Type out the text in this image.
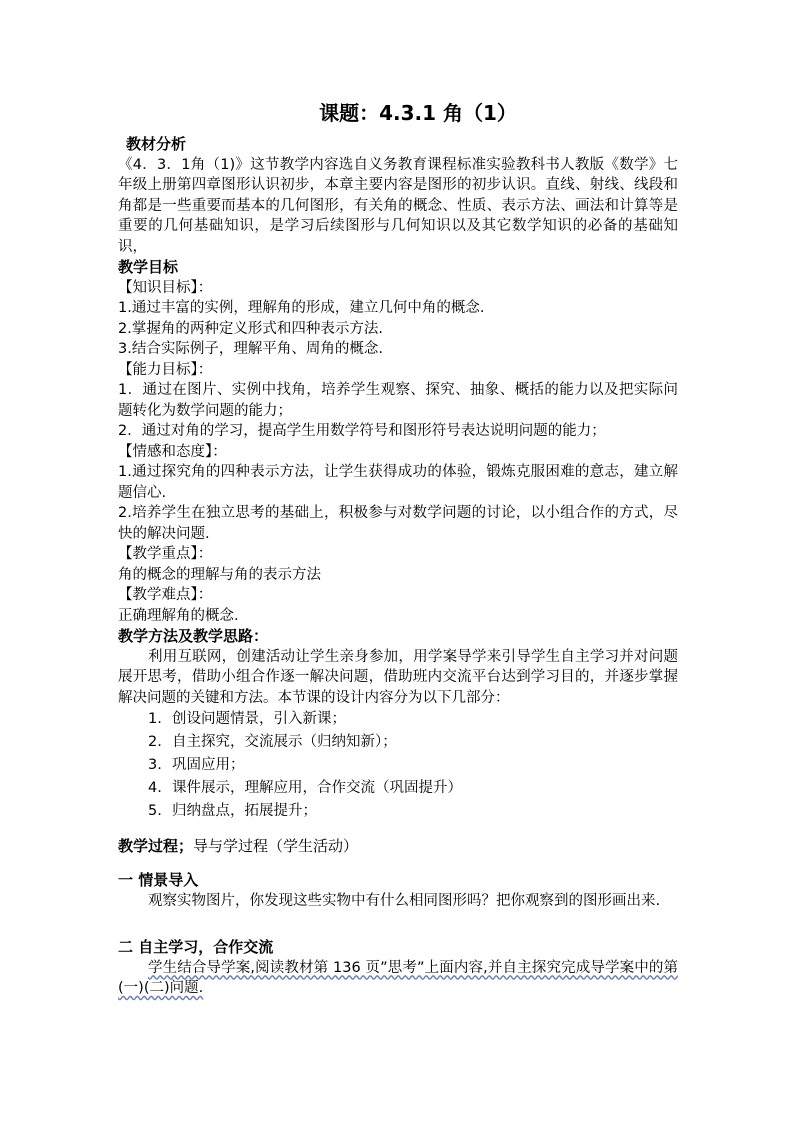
课题：4.3.1 角（1）
教材分析

《4．3．1角（1)》这节教学内容选自义务教育课程标准实验教科书人教版《数学》七年级上册第四章图形认识初步，本章主要内容是图形的初步认识。直线、射线、线段和角都是一些重要而基本的几何图形，有关角的概念、性质、表示方法、画法和计算等是重要的几何基础知识，是学习后续图形与几何知识以及其它数学知识的必备的基础知识，

教学目标
【知识目标】：

1.通过丰富的实例，理解角的形成，建立几何中角的概念.

2.掌握角的两种定义形式和四种表示方法.

3.结合实际例子，理解平角、周角的概念.

【能力目标】：

1．通过在图片、实例中找角，培养学生观察、探究、抽象、概括的能力以及把实际问题转化为数学问题的能力；

2．通过对角的学习，提高学生用数学符号和图形符号表达说明问题的能力；

【情感和态度】：

1.通过探究角的四种表示方法，让学生获得成功的体验，锻炼克服困难的意志，建立解题信心.

2.培养学生在独立思考的基础上，积极参与对数学问题的讨论，以小组合作的方式，尽快的解决问题.

【教学重点】：

角的概念的理解与角的表示方法

【教学难点】：

正确理解角的概念.

教学方法及教学思路：

利用互联网，创建活动让学生亲身参加，用学案导学来引导学生自主学习并对问题展开思考，借助小组合作逐一解决问题，借助班内交流平台达到学习目的，并逐步掌握解决问题的关键和方法。本节课的设计内容分为以下几部分：

1. 创设问题情景，引入新课；
2. 自主探究，交流展示（归纳知新）；
3. 巩固应用；
4. 课件展示，理解应用，合作交流（巩固提升）
5. 归纳盘点，拓展提升；
教学过程；导与学过程（学生活动）
一 情景导入

观察实物图片，你发现这些实物中有什么相同图形吗？把你观察到的图形画出来.

二 自主学习，合作交流

学生结合导学案,阅读教材第 136 页”思考”上面内容,并自主探究完成导学案中的第(一)(二)问题.
